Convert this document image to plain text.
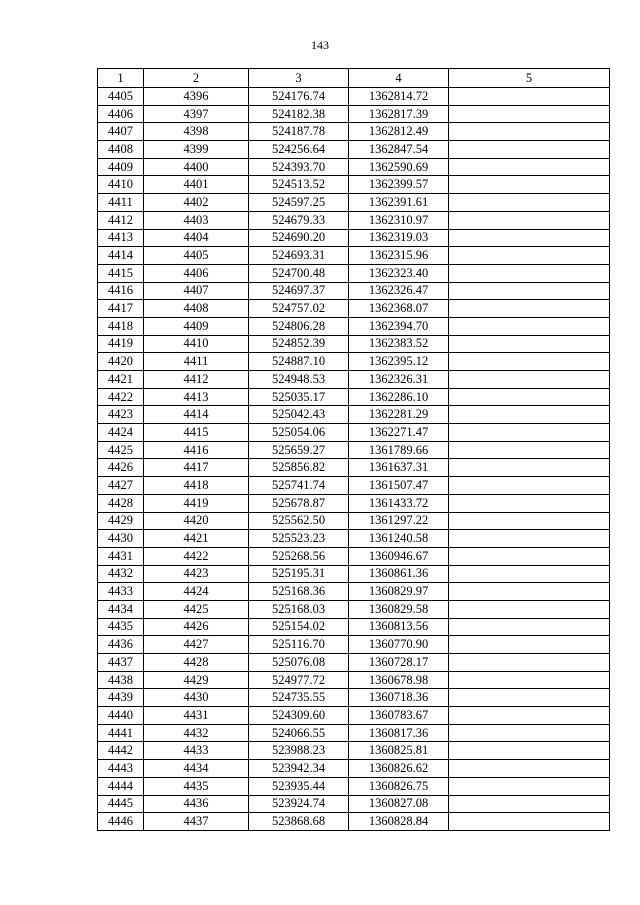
143
1	2	3	4	5
4405	4396	524176.74	1362814.72	
4406	4397	524182.38	1362817.39	
4407	4398	524187.78	1362812.49	
4408	4399	524256.64	1362847.54	
4409	4400	524393.70	1362590.69	
4410	4401	524513.52	1362399.57	
4411	4402	524597.25	1362391.61	
4412	4403	524679.33	1362310.97	
4413	4404	524690.20	1362319.03	
4414	4405	524693.31	1362315.96	
4415	4406	524700.48	1362323.40	
4416	4407	524697.37	1362326.47	
4417	4408	524757.02	1362368.07	
4418	4409	524806.28	1362394.70	
4419	4410	524852.39	1362383.52	
4420	4411	524887.10	1362395.12	
4421	4412	524948.53	1362326.31	
4422	4413	525035.17	1362286.10	
4423	4414	525042.43	1362281.29	
4424	4415	525054.06	1362271.47	
4425	4416	525659.27	1361789.66	
4426	4417	525856.82	1361637.31	
4427	4418	525741.74	1361507.47	
4428	4419	525678.87	1361433.72	
4429	4420	525562.50	1361297.22	
4430	4421	525523.23	1361240.58	
4431	4422	525268.56	1360946.67	
4432	4423	525195.31	1360861.36	
4433	4424	525168.36	1360829.97	
4434	4425	525168.03	1360829.58	
4435	4426	525154.02	1360813.56	
4436	4427	525116.70	1360770.90	
4437	4428	525076.08	1360728.17	
4438	4429	524977.72	1360678.98	
4439	4430	524735.55	1360718.36	
4440	4431	524309.60	1360783.67	
4441	4432	524066.55	1360817.36	
4442	4433	523988.23	1360825.81	
4443	4434	523942.34	1360826.62	
4444	4435	523935.44	1360826.75	
4445	4436	523924.74	1360827.08	
4446	4437	523868.68	1360828.84	
